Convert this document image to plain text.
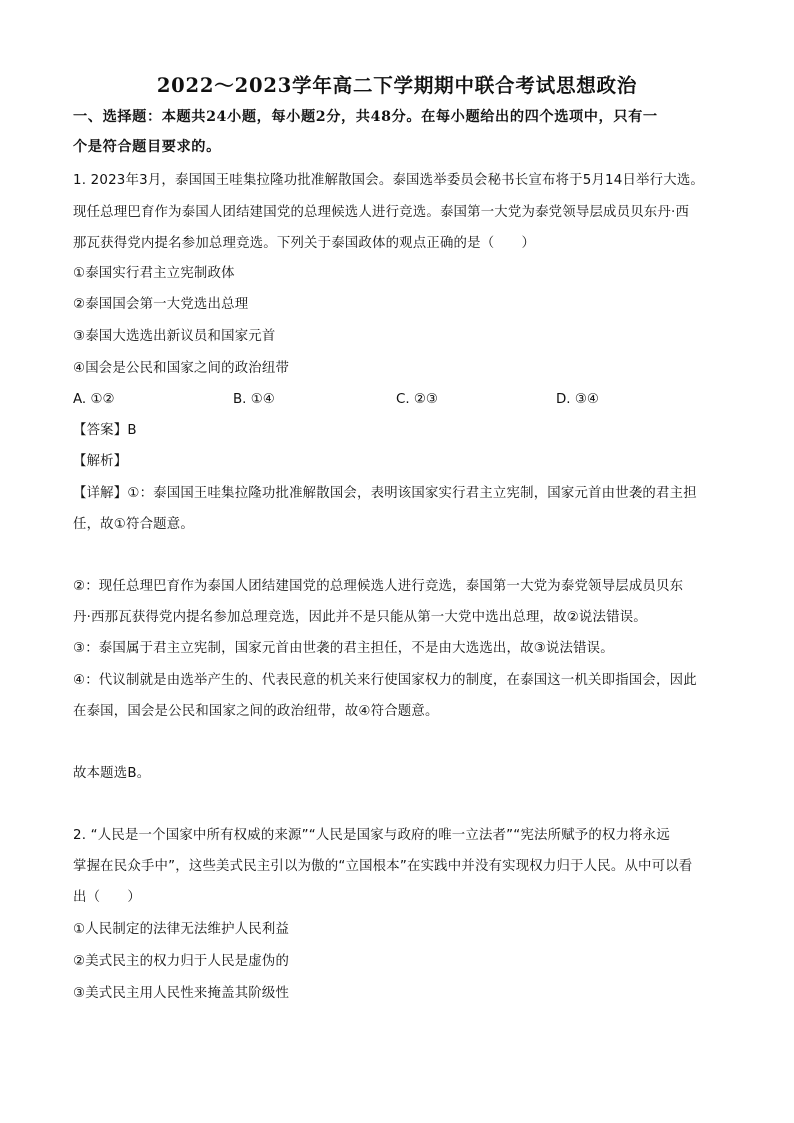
2022～2023学年高二下学期期中联合考试思想政治
一、选择题：本题共24小题，每小题2分，共48分。在每小题给出的四个选项中，只有一
个是符合题目要求的。
1. 2023年3月，泰国国王哇集拉隆功批准解散国会。泰国选举委员会秘书长宣布将于5月14日举行大选。
现任总理巴育作为泰国人团结建国党的总理候选人进行竞选。泰国第一大党为泰党领导层成员贝东丹·西
那瓦获得党内提名参加总理竞选。下列关于泰国政体的观点正确的是（　　）
①泰国实行君主立宪制政体
②泰国国会第一大党选出总理
③泰国大选选出新议员和国家元首
④国会是公民和国家之间的政治纽带
A. ①②	B. ①④	C. ②③	D. ③④
【答案】B
【解析】
【详解】①：泰国国王哇集拉隆功批准解散国会，表明该国家实行君主立宪制，国家元首由世袭的君主担
任，故①符合题意。
②：现任总理巴育作为泰国人团结建国党的总理候选人进行竞选，泰国第一大党为泰党领导层成员贝东
丹·西那瓦获得党内提名参加总理竞选，因此并不是只能从第一大党中选出总理，故②说法错误。
③：泰国属于君主立宪制，国家元首由世袭的君主担任，不是由大选选出，故③说法错误。
④：代议制就是由选举产生的、代表民意的机关来行使国家权力的制度，在泰国这一机关即指国会，因此
在泰国，国会是公民和国家之间的政治纽带，故④符合题意。
故本题选B。
2. “人民是一个国家中所有权威的来源”“人民是国家与政府的唯一立法者”“宪法所赋予的权力将永远
掌握在民众手中”，这些美式民主引以为傲的“立国根本”在实践中并没有实现权力归于人民。从中可以看
出（　　）
①人民制定的法律无法维护人民利益
②美式民主的权力归于人民是虚伪的
③美式民主用人民性来掩盖其阶级性
